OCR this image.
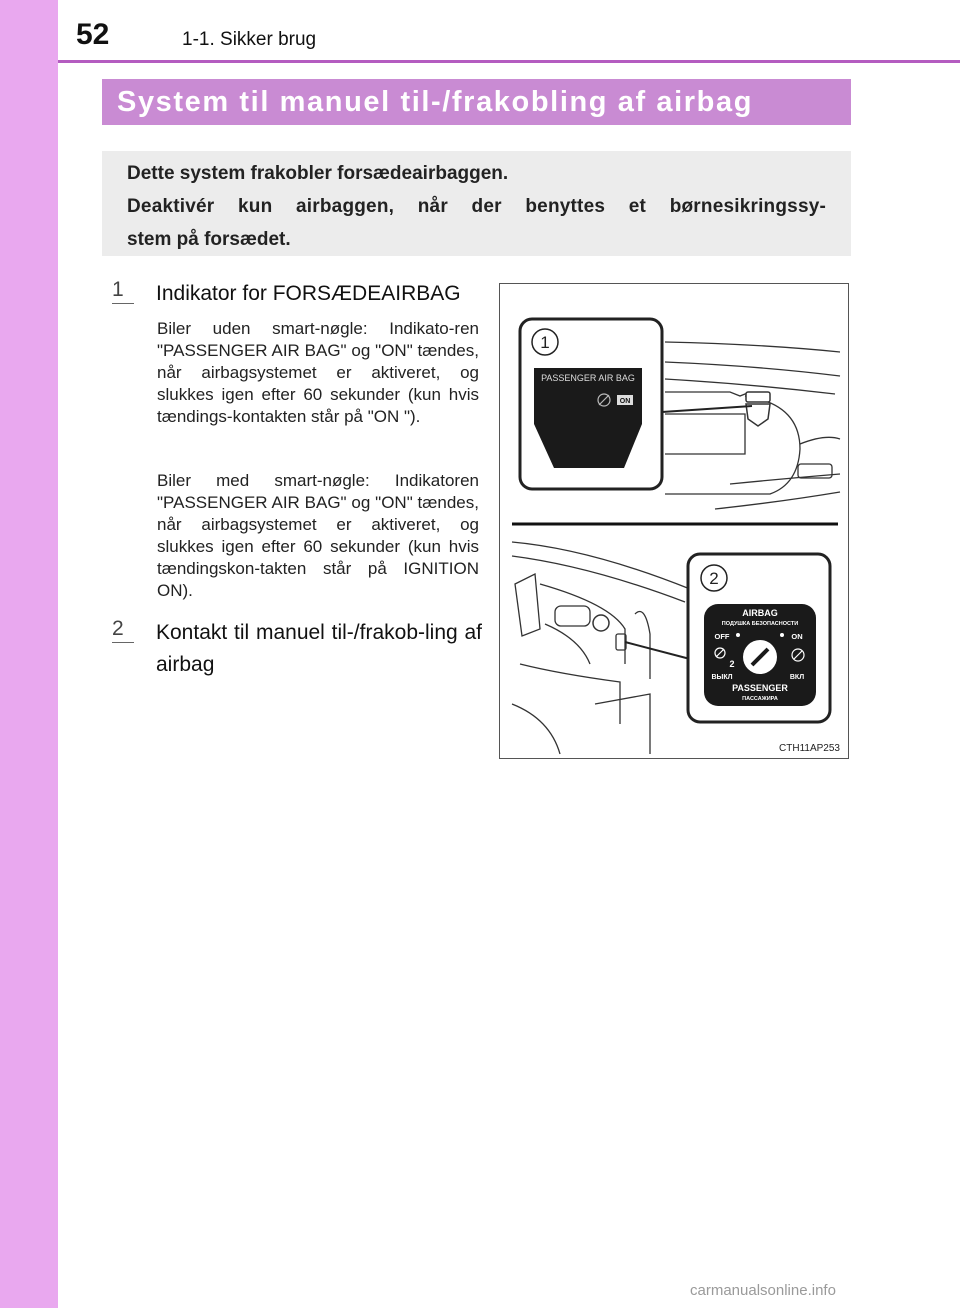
52	1-1. Sikker brug
System til manuel til-/frakobling af airbag
Dette system frakobler forsædeairbaggen.
Deaktivér kun airbaggen, når der benyttes et børnesikringssy-
stem på forsædet.
1	Indikator for FORSÆDEAIRBAG
Biler uden smart-nøgle: Indikato-ren "PASSENGER AIR BAG" og "ON" tændes, når airbagsystemet er aktiveret, og slukkes igen efter 60 sekunder (kun hvis tændings-kontakten står på "ON ").
Biler med smart-nøgle: Indikatoren "PASSENGER AIR BAG" og "ON" tændes, når airbagsystemet er aktiveret, og slukkes igen efter 60 sekunder (kun hvis tændingskon-takten står på IGNITION ON).
2	Kontakt til manuel til-/frakob-ling af airbag
1
PASSENGER AIR BAG
ON
2
AIRBAG
ПОДУШКА БЕЗОПАСНОСТИ
OFF	ON
2
ВЫКЛ	ВКЛ
PASSENGER
ПАССАЖИРА
CTH11AP253
carmanualsonline.info
